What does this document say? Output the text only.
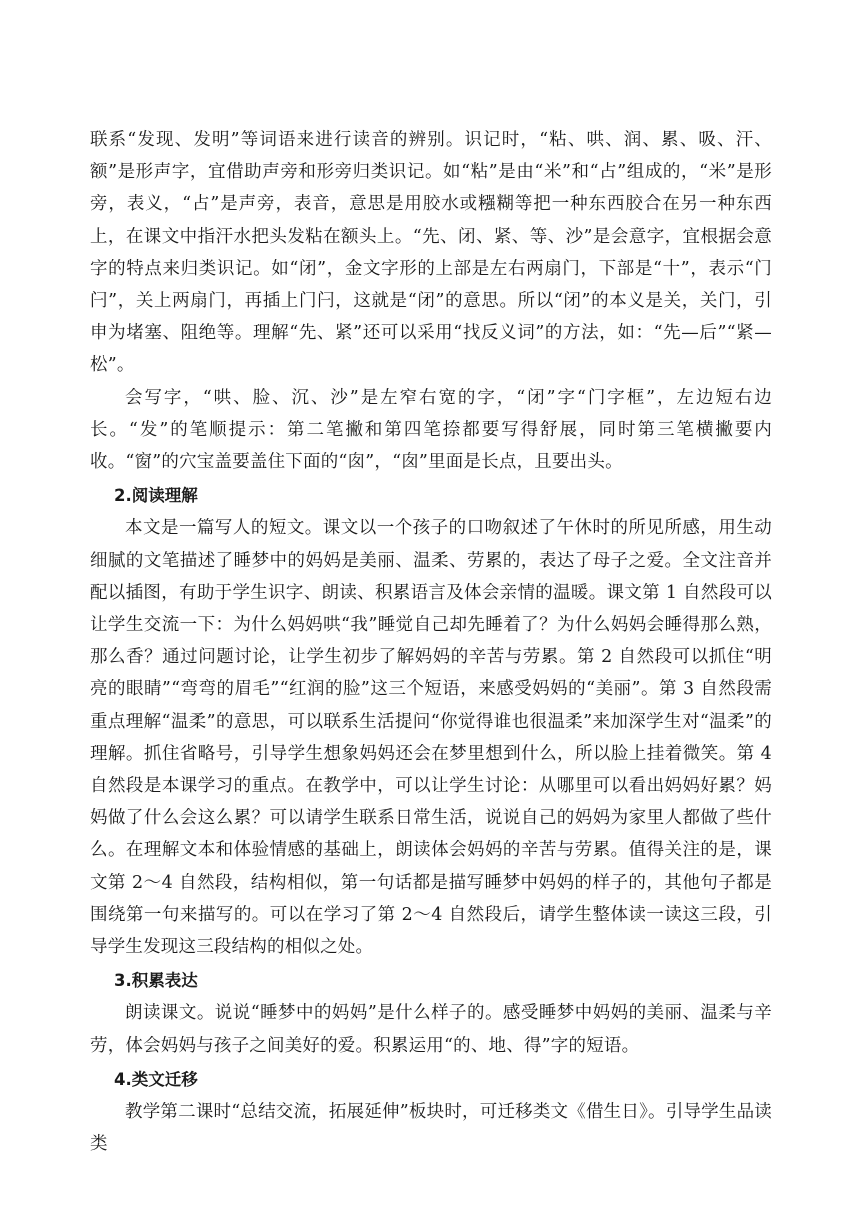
联系“发现、发明”等词语来进行读音的辨别。识记时，“粘、哄、润、累、吸、汗、额”是形声字，宜借助声旁和形旁归类识记。如“粘”是由“米”和“占”组成的，“米”是形旁，表义，“占”是声旁，表音，意思是用胶水或糨糊等把一种东西胶合在另一种东西上，在课文中指汗水把头发粘在额头上。“先、闭、紧、等、沙”是会意字，宜根据会意字的特点来归类识记。如“闭”，金文字形的上部是左右两扇门，下部是“十”，表示“门闩”，关上两扇门，再插上门闩，这就是“闭”的意思。所以“闭”的本义是关，关门，引申为堵塞、阻绝等。理解“先、紧”还可以采用“找反义词”的方法，如：“先—后”“紧—松”。

会写字，“哄、脸、沉、沙”是左窄右宽的字，“闭”字“门字框”，左边短右边长。“发”的笔顺提示：第二笔撇和第四笔捺都要写得舒展，同时第三笔横撇要内收。“窗”的穴宝盖要盖住下面的“囱”，“囱”里面是长点，且要出头。

2.阅读理解

本文是一篇写人的短文。课文以一个孩子的口吻叙述了午休时的所见所感，用生动细腻的文笔描述了睡梦中的妈妈是美丽、温柔、劳累的，表达了母子之爱。全文注音并配以插图，有助于学生识字、朗读、积累语言及体会亲情的温暖。课文第 1 自然段可以让学生交流一下：为什么妈妈哄“我”睡觉自己却先睡着了？为什么妈妈会睡得那么熟，那么香？通过问题讨论，让学生初步了解妈妈的辛苦与劳累。第 2 自然段可以抓住“明亮的眼睛”“弯弯的眉毛”“红润的脸”这三个短语，来感受妈妈的“美丽”。第 3 自然段需重点理解“温柔”的意思，可以联系生活提问“你觉得谁也很温柔”来加深学生对“温柔”的理解。抓住省略号，引导学生想象妈妈还会在梦里想到什么，所以脸上挂着微笑。第 4 自然段是本课学习的重点。在教学中，可以让学生讨论：从哪里可以看出妈妈好累？妈妈做了什么会这么累？可以请学生联系日常生活，说说自己的妈妈为家里人都做了些什么。在理解文本和体验情感的基础上，朗读体会妈妈的辛苦与劳累。值得关注的是，课文第 2～4 自然段，结构相似，第一句话都是描写睡梦中妈妈的样子的，其他句子都是围绕第一句来描写的。可以在学习了第 2～4 自然段后，请学生整体读一读这三段，引导学生发现这三段结构的相似之处。

3.积累表达

朗读课文。说说“睡梦中的妈妈”是什么样子的。感受睡梦中妈妈的美丽、温柔与辛劳，体会妈妈与孩子之间美好的爱。积累运用“的、地、得”字的短语。

4.类文迁移

教学第二课时“总结交流，拓展延伸”板块时，可迁移类文《借生日》。引导学生品读类
